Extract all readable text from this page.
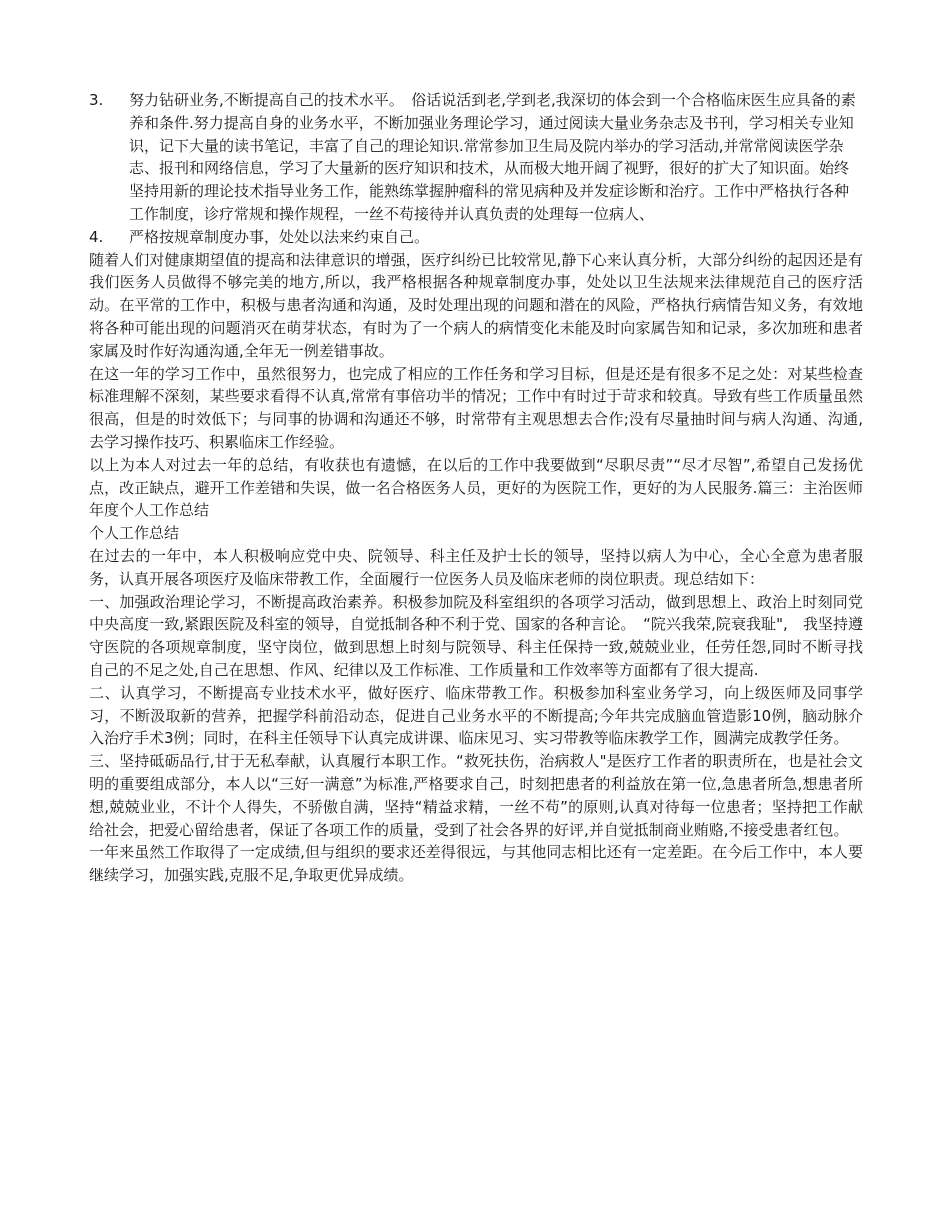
3.	努力钻研业务,不断提高自己的技术水平。　俗话说活到老,学到老,我深切的体会到一个合格临床医生应具备的素养和条件.努力提高自身的业务水平，不断加强业务理论学习，通过阅读大量业务杂志及书刊，学习相关专业知识，记下大量的读书笔记，丰富了自己的理论知识.常常参加卫生局及院内举办的学习活动,并常常阅读医学杂志、报刊和网络信息，学习了大量新的医疗知识和技术，从而极大地开阔了视野，很好的扩大了知识面。始终坚持用新的理论技术指导业务工作，能熟练掌握肿瘤科的常见病种及并发症诊断和治疗。工作中严格执行各种工作制度，诊疗常规和操作规程，一丝不苟接待并认真负责的处理每一位病人、
4.	严格按规章制度办事，处处以法来约束自己。

随着人们对健康期望值的提高和法律意识的增强，医疗纠纷已比较常见,静下心来认真分析，大部分纠纷的起因还是有我们医务人员做得不够完美的地方,所以，我严格根据各种规章制度办事，处处以卫生法规来法律规范自己的医疗活动。在平常的工作中，积极与患者沟通和沟通，及时处理出现的问题和潜在的风险，严格执行病情告知义务，有效地将各种可能出现的问题消灭在萌芽状态，有时为了一个病人的病情变化未能及时向家属告知和记录，多次加班和患者家属及时作好沟通沟通,全年无一例差错事故。

在这一年的学习工作中，虽然很努力，也完成了相应的工作任务和学习目标，但是还是有很多不足之处：对某些检查标准理解不深刻，某些要求看得不认真,常常有事倍功半的情况；工作中有时过于苛求和较真。导致有些工作质量虽然很高，但是的时效低下；与同事的协调和沟通还不够，时常带有主观思想去合作;没有尽量抽时间与病人沟通、沟通,去学习操作技巧、积累临床工作经验。

以上为本人对过去一年的总结，有收获也有遗憾，在以后的工作中我要做到“尽职尽责”“尽才尽智”,希望自己发扬优点，改正缺点，避开工作差错和失误，做一名合格医务人员，更好的为医院工作，更好的为人民服务.篇三：主治医师年度个人工作总结

个人工作总结

在过去的一年中，本人积极响应党中央、院领导、科主任及护士长的领导，坚持以病人为中心，全心全意为患者服务，认真开展各项医疗及临床带教工作，全面履行一位医务人员及临床老师的岗位职责。现总结如下：

一、加强政治理论学习，不断提高政治素养。积极参加院及科室组织的各项学习活动，做到思想上、政治上时刻同党中央高度一致,紧跟医院及科室的领导，自觉抵制各种不利于党、国家的各种言论。　“院兴我荣,院衰我耻",　我坚持遵守医院的各项规章制度，坚守岗位，做到思想上时刻与院领导、科主任保持一致,兢兢业业，任劳任怨,同时不断寻找自己的不足之处,自己在思想、作风、纪律以及工作标准、工作质量和工作效率等方面都有了很大提高.

二、认真学习，不断提高专业技术水平，做好医疗、临床带教工作。积极参加科室业务学习，向上级医师及同事学习，不断汲取新的营养，把握学科前沿动态，促进自己业务水平的不断提高;今年共完成脑血管造影10例，脑动脉介入治疗手术3例；同时，在科主任领导下认真完成讲课、临床见习、实习带教等临床教学工作，圆满完成教学任务。

三、坚持砥砺品行,甘于无私奉献，认真履行本职工作。“救死扶伤，治病救人"是医疗工作者的职责所在，也是社会文明的重要组成部分，本人以“三好一满意”为标准,严格要求自己，时刻把患者的利益放在第一位,急患者所急,想患者所想,兢兢业业，不计个人得失，不骄傲自满，坚持“精益求精，一丝不苟”的原则,认真对待每一位患者；坚持把工作献给社会，把爱心留给患者，保证了各项工作的质量，受到了社会各界的好评,并自觉抵制商业贿赂,不接受患者红包。

一年来虽然工作取得了一定成绩,但与组织的要求还差得很远，与其他同志相比还有一定差距。在今后工作中，本人要继续学习，加强实践,克服不足,争取更优异成绩。
